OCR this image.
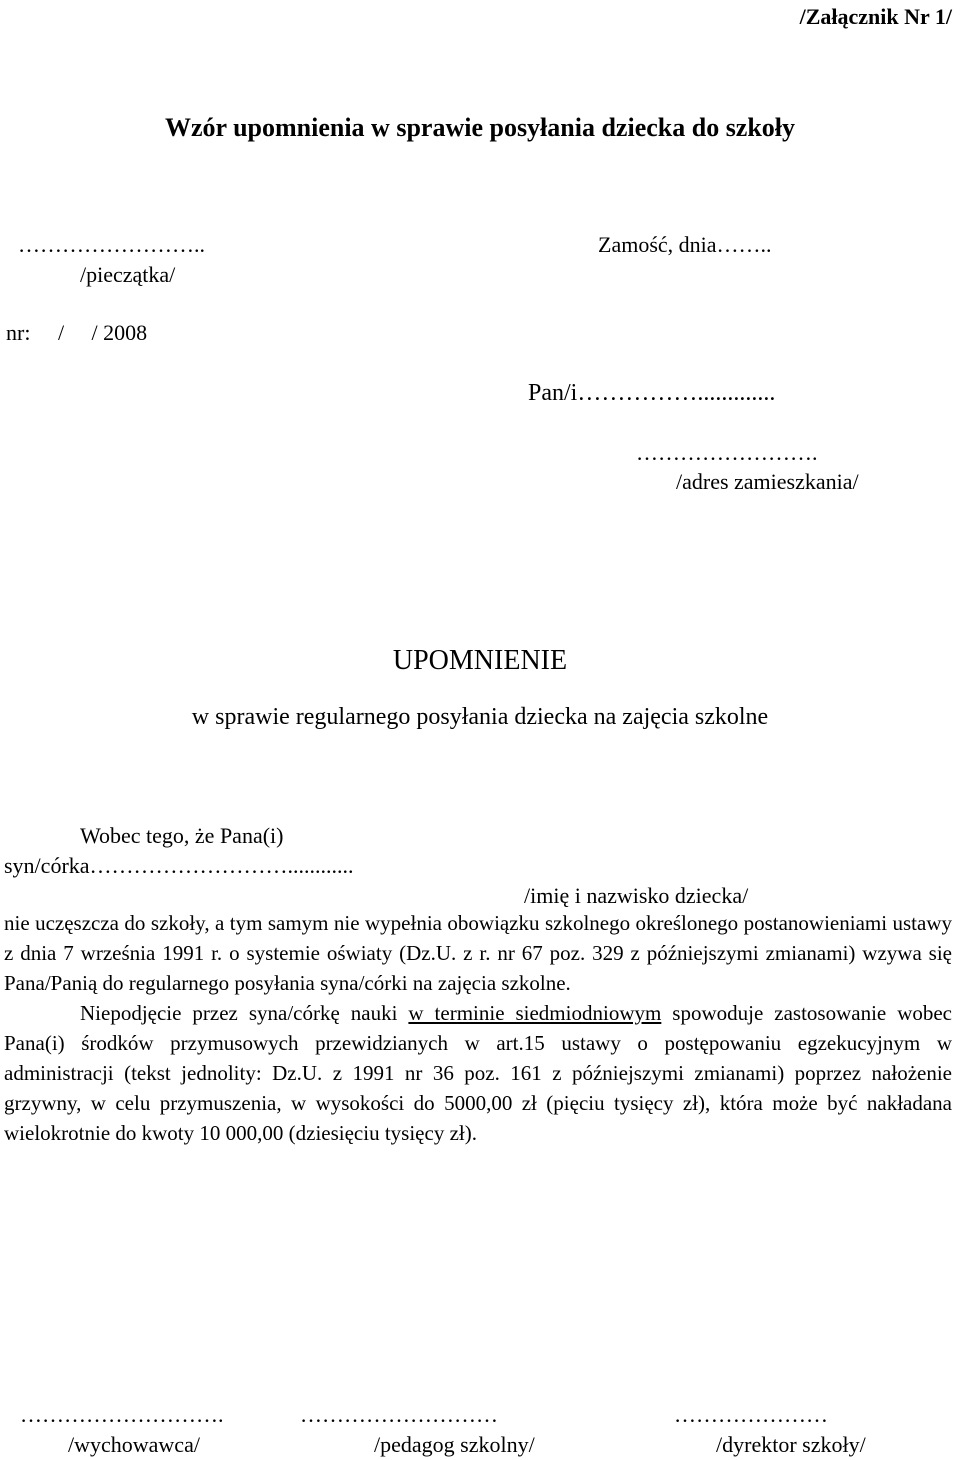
/Załącznik Nr 1/
Wzór upomnienia w sprawie posyłania dziecka do szkoły
……………………..
/pieczątka/
Zamość, dnia……..
nr:     /     / 2008
Pan/i…………….............
…………………….
/adres zamieszkania/
UPOMNIENIE
w sprawie regularnego posyłania dziecka na zajęcia szkolne
Wobec tego, że Pana(i)
syn/córka………………………............
/imię i nazwisko dziecka/

nie uczęszcza do szkoły, a tym samym nie wypełnia obowiązku szkolnego określonego postanowieniami ustawy z dnia 7 września 1991 r. o systemie oświaty (Dz.U. z r. nr 67 poz. 329 z późniejszymi zmianami) wzywa się Pana/Panią do regularnego posyłania syna/córki na zajęcia szkolne.

Niepodjęcie przez syna/córkę nauki w terminie siedmiodniowym spowoduje zastosowanie wobec Pana(i) środków przymusowych przewidzianych w art.15 ustawy o postępowaniu egzekucyjnym w administracji (tekst jednolity: Dz.U. z 1991 nr 36 poz. 161 z późniejszymi zmianami) poprzez nałożenie grzywny, w celu przymuszenia, w wysokości do 5000,00 zł (pięciu tysięcy zł), która może być nakładana wielokrotnie do kwoty 10 000,00 (dziesięciu tysięcy zł).

……………………….	………………………	…………………
/wychowawca/	/pedagog szkolny/	/dyrektor szkoły/
